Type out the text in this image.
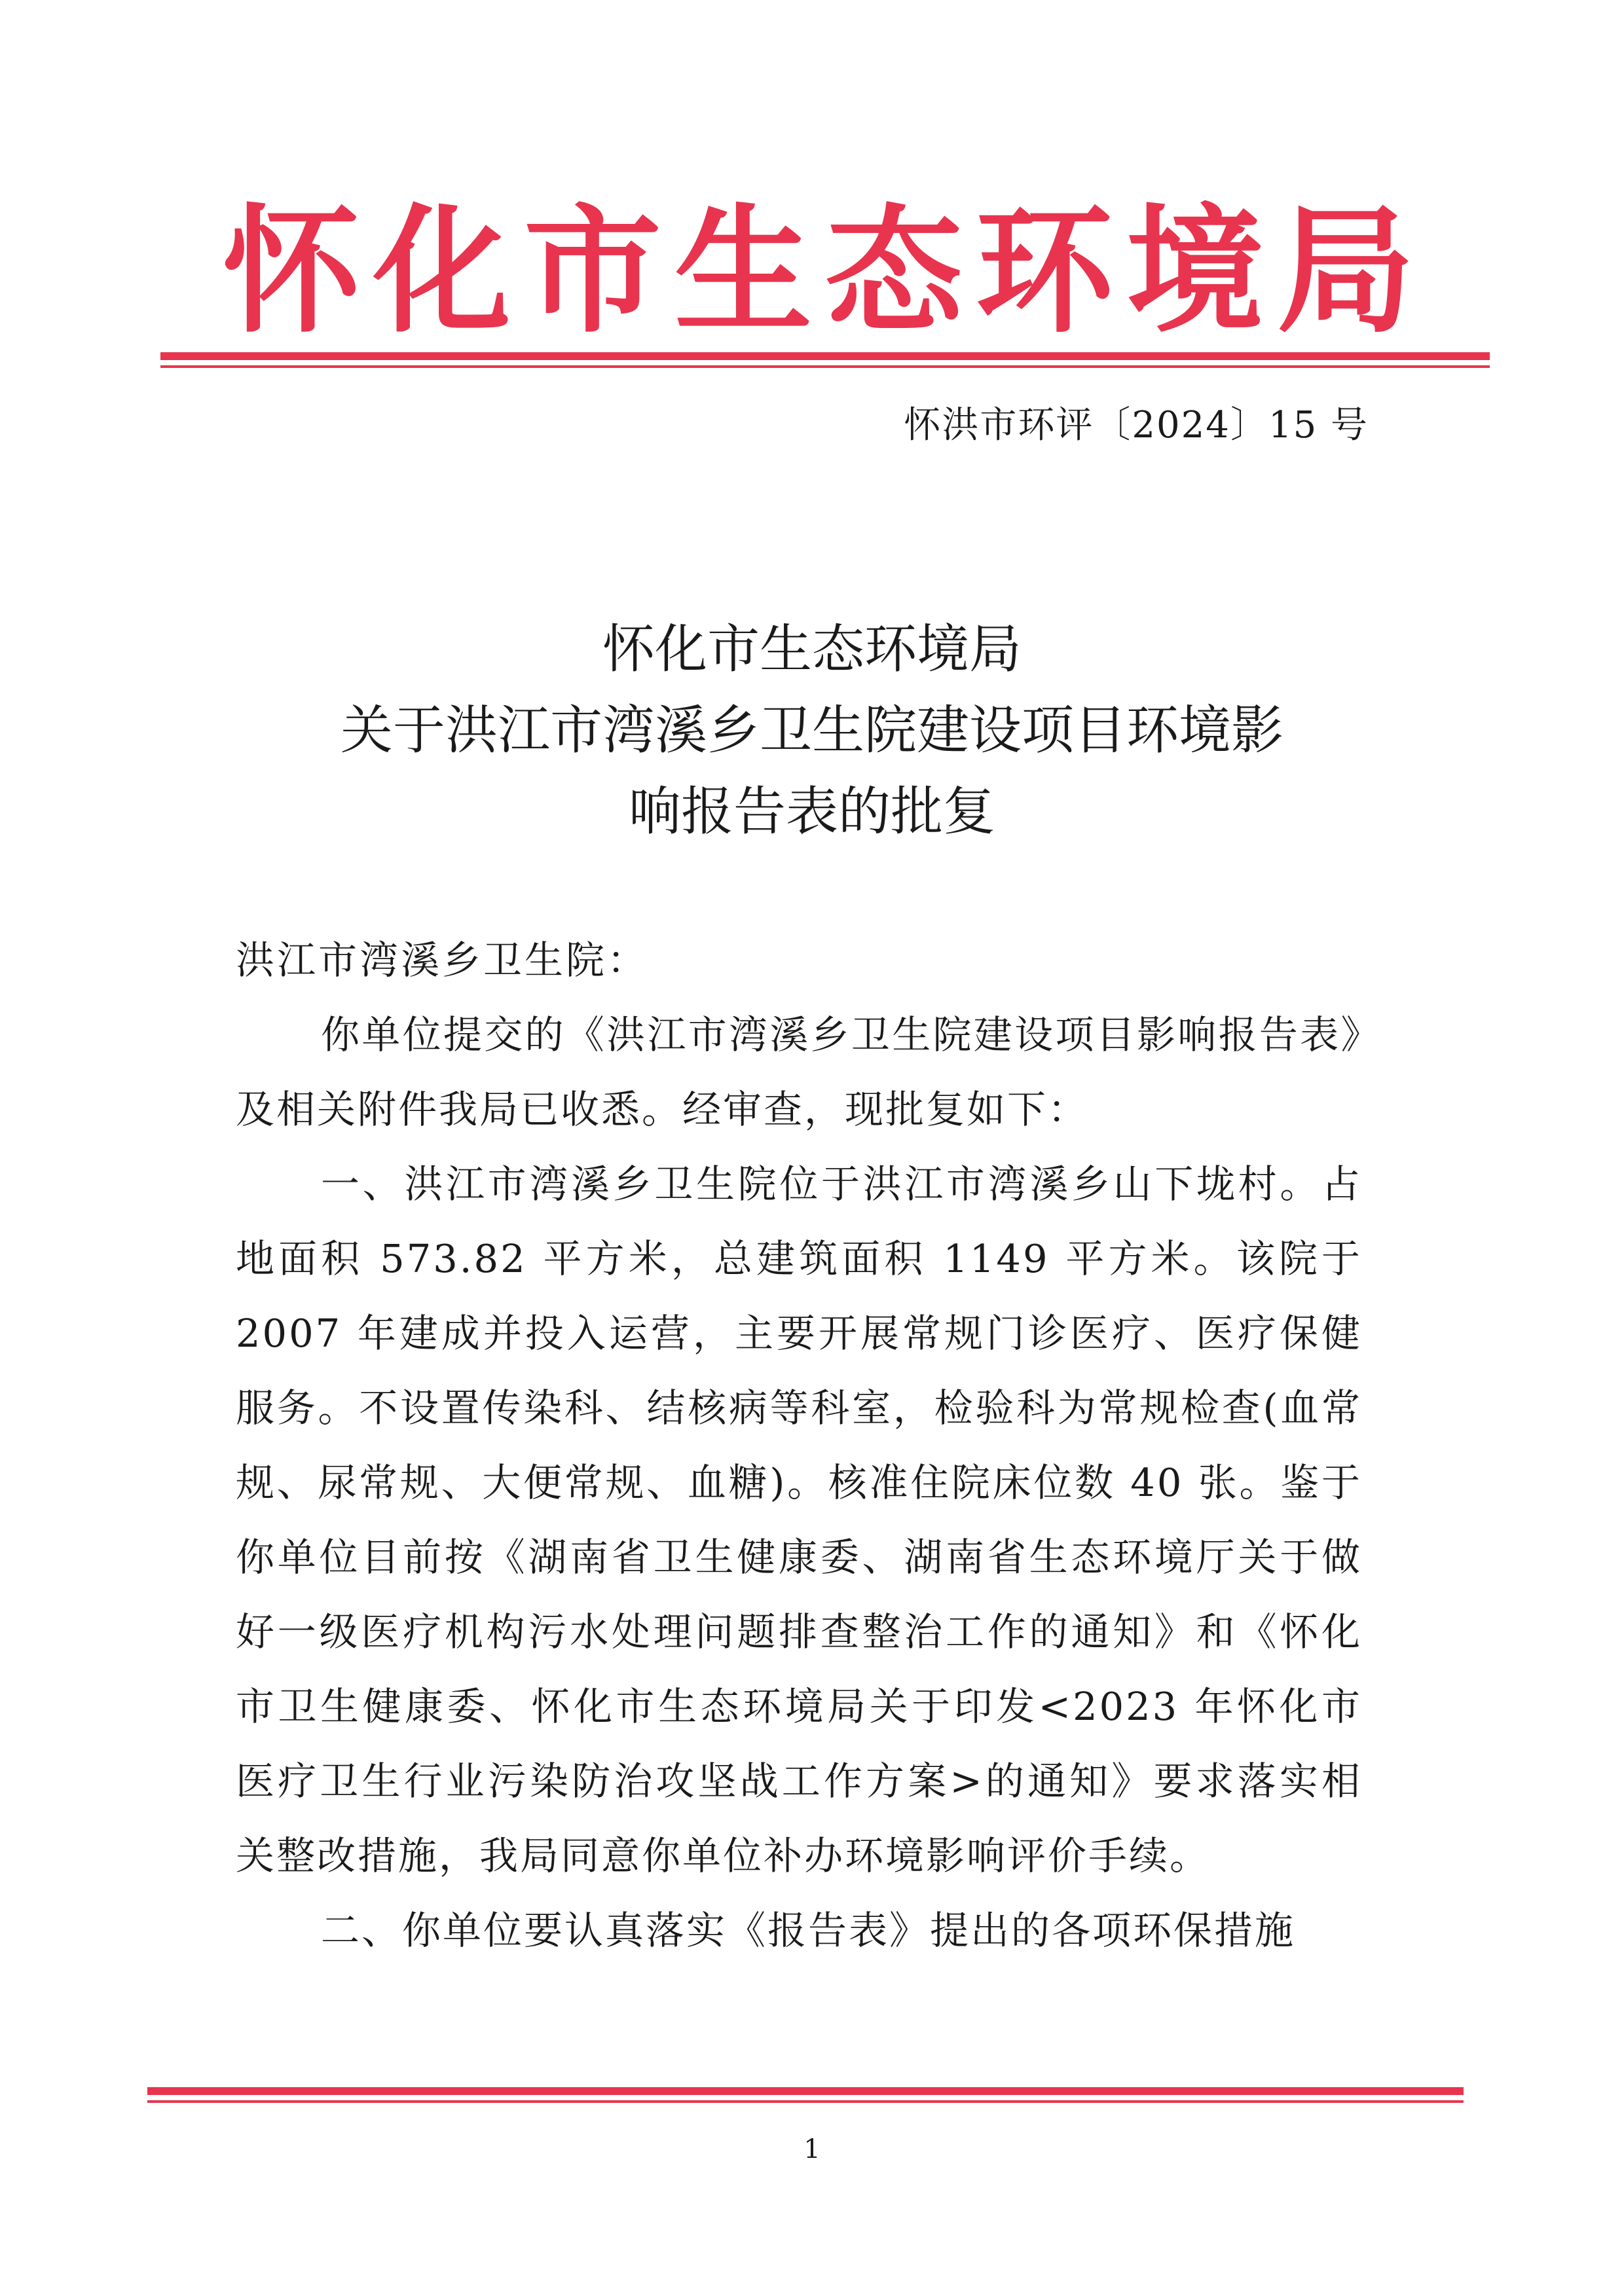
怀化市生态环境局
怀洪市环评〔2024〕15 号
怀化市生态环境局
关于洪江市湾溪乡卫生院建设项目环境影
响报告表的批复

洪江市湾溪乡卫生院：

你单位提交的《洪江市湾溪乡卫生院建设项目影响报告表》及相关附件我局已收悉。经审查，现批复如下：

一、洪江市湾溪乡卫生院位于洪江市湾溪乡山下垅村。占地面积 573.82 平方米，总建筑面积 1149 平方米。该院于 2007 年建成并投入运营，主要开展常规门诊医疗、医疗保健服务。不设置传染科、结核病等科室，检验科为常规检查(血常规、尿常规、大便常规、血糖)。核准住院床位数 40 张。鉴于你单位目前按《湖南省卫生健康委、湖南省生态环境厅关于做好一级医疗机构污水处理问题排查整治工作的通知》和《怀化市卫生健康委、怀化市生态环境局关于印发<2023 年怀化市医疗卫生行业污染防治攻坚战工作方案>的通知》要求落实相关整改措施，我局同意你单位补办环境影响评价手续。

二、你单位要认真落实《报告表》提出的各项环保措施

1
